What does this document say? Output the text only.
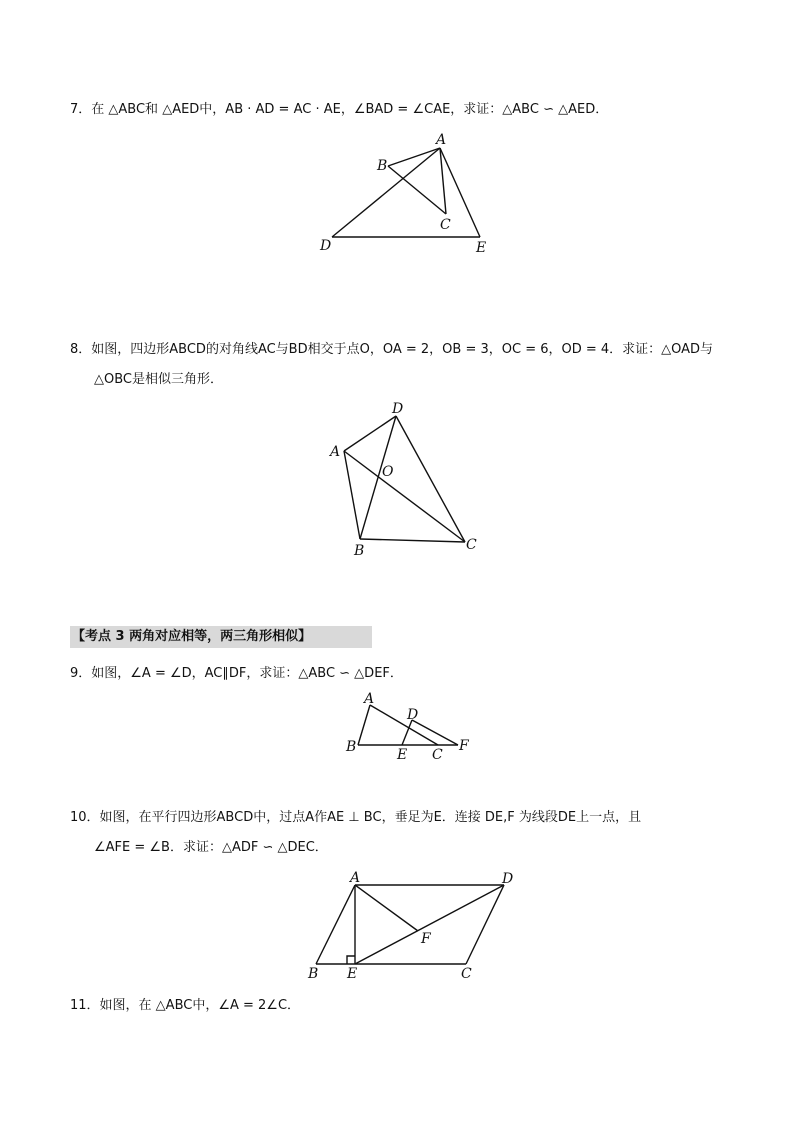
7．在 △ABC和 △AED中，AB · AD = AC · AE，∠BAD = ∠CAE，求证：△ABC ∽ △AED．
A
B
C
D	E
8．如图，四边形ABCD的对角线AC与BD相交于点O，OA = 2，OB = 3，OC = 6，OD = 4．求证：△OAD与
△OBC是相似三角形．
D
A
O
B	C
【考点 3 两角对应相等，两三角形相似】
9．如图，∠A = ∠D，AC∥DF，求证：△ABC ∽ △DEF．
A
B
D
E C
F
10．如图，在平行四边形ABCD中，过点A作AE ⊥ BC，垂足为E．连接 DE,F 为线段DE上一点，且
∠AFE = ∠B．求证：△ADF ∽ △DEC．
A	D
F
B E	C
11．如图，在 △ABC中，∠A = 2∠C．
